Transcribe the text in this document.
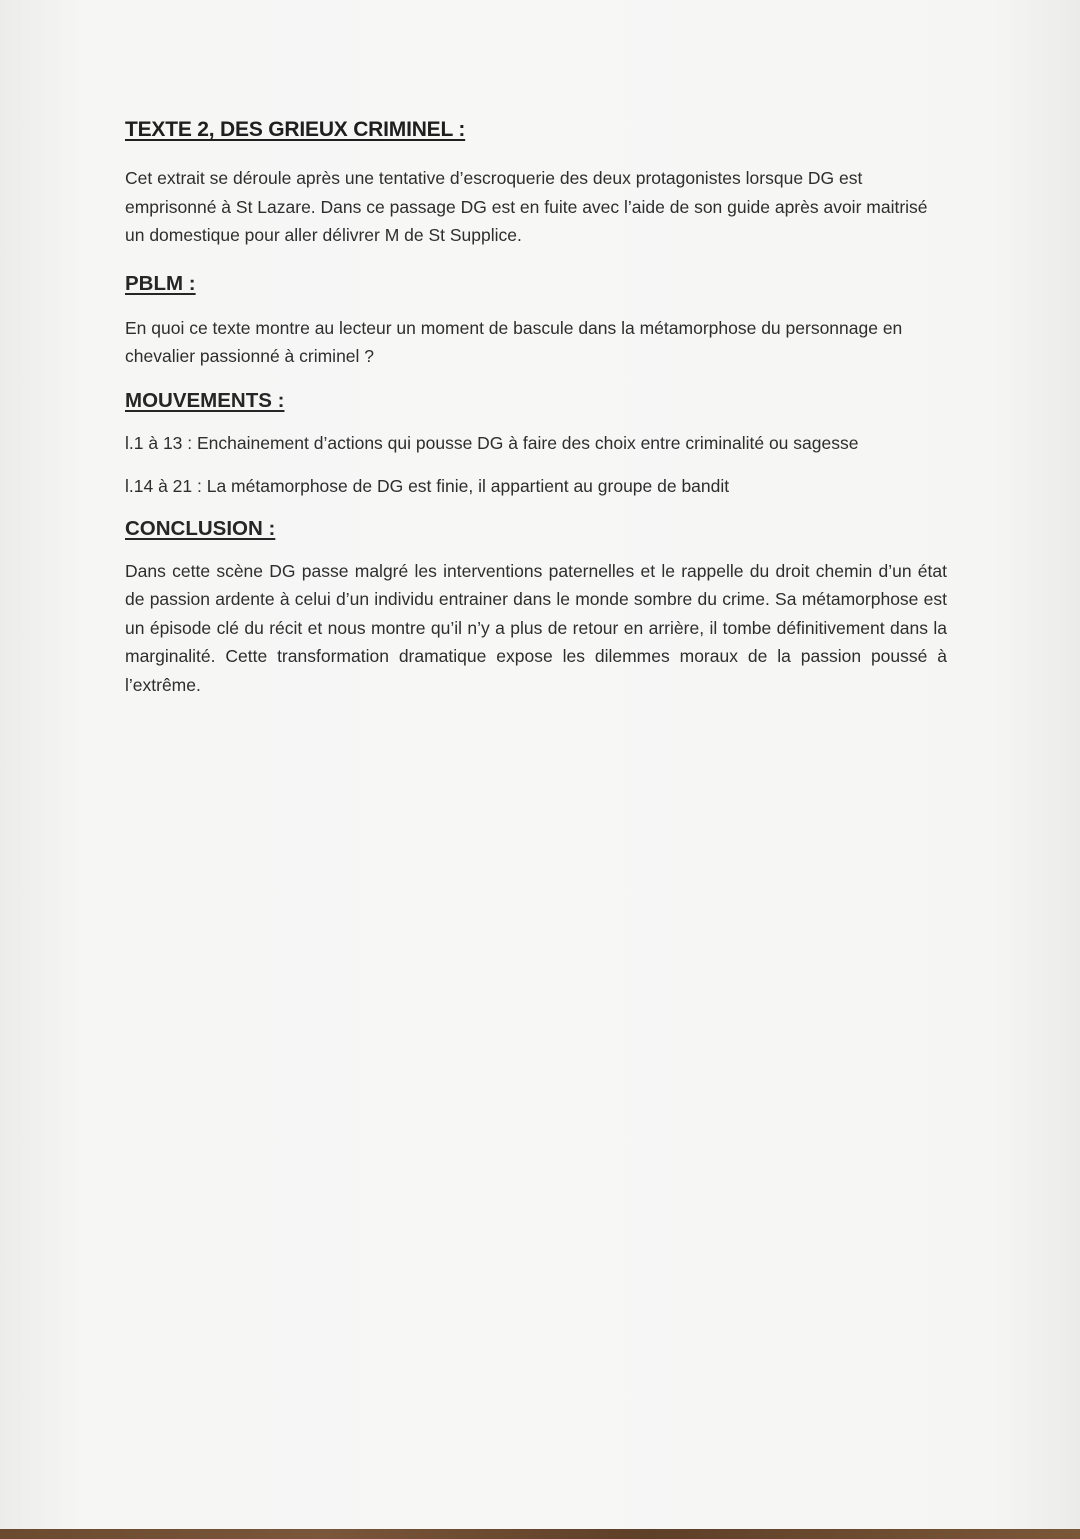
TEXTE 2, DES GRIEUX CRIMINEL :

Cet extrait se déroule après une tentative d’escroquerie des deux protagonistes lorsque DG est emprisonné à St Lazare. Dans ce passage DG est en fuite avec l’aide de son guide après avoir maitrisé un domestique pour aller délivrer M de St Supplice.

PBLM :

En quoi ce texte montre au lecteur un moment de bascule dans la métamorphose du personnage en chevalier passionné à criminel ?

MOUVEMENTS :

l.1 à 13 : Enchainement d’actions qui pousse DG à faire des choix entre criminalité ou sagesse

l.14 à 21 : La métamorphose de DG est finie, il appartient au groupe de bandit

CONCLUSION :

Dans cette scène DG passe malgré les interventions paternelles et le rappelle du droit chemin d’un état de passion ardente à celui d’un individu entrainer dans le monde sombre du crime. Sa métamorphose est un épisode clé du récit et nous montre qu’il n’y a plus de retour en arrière, il tombe définitivement dans la marginalité. Cette transformation dramatique expose les dilemmes moraux de la passion poussé à l’extrême.
